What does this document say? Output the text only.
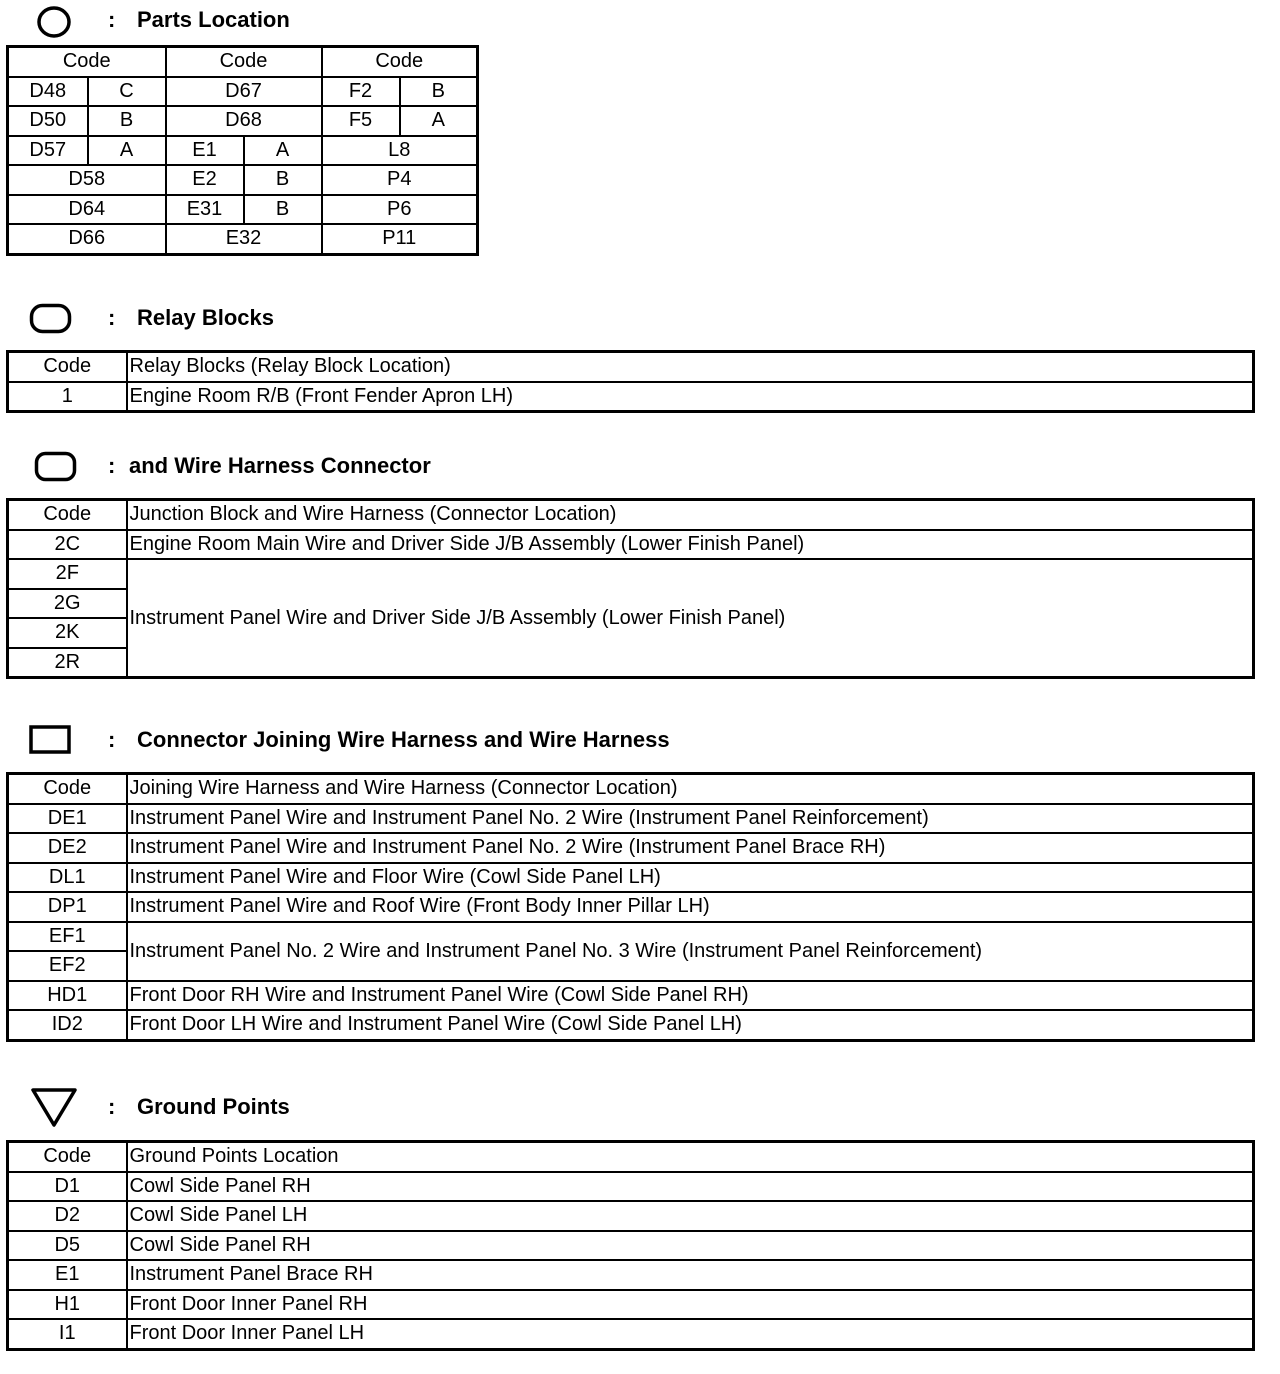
: Parts Location
Code		Code		Code	
D48	C	D67		F2	B
D50	B	D68		F5	A
D57	A	E1	A	L8	
D58		E2	B	P4	
D64		E31	B	P6	
D66		E32		P11	
: Relay Blocks
Code	Relay Blocks (Relay Block Location)
1	Engine Room R/B (Front Fender Apron LH)
: and Wire Harness Connector
Code	Junction Block and Wire Harness (Connector Location)
2C	Engine Room Main Wire and Driver Side J/B Assembly (Lower Finish Panel)
2F	Instrument Panel Wire and Driver Side J/B Assembly (Lower Finish Panel)
2G	
2K	
2R	
: Connector Joining Wire Harness and Wire Harness
Code	Joining Wire Harness and Wire Harness (Connector Location)
DE1	Instrument Panel Wire and Instrument Panel No. 2 Wire (Instrument Panel Reinforcement)
DE2	Instrument Panel Wire and Instrument Panel No. 2 Wire (Instrument Panel Brace RH)
DL1	Instrument Panel Wire and Floor Wire (Cowl Side Panel LH)
DP1	Instrument Panel Wire and Roof Wire (Front Body Inner Pillar LH)
EF1	Instrument Panel No. 2 Wire and Instrument Panel No. 3 Wire (Instrument Panel Reinforcement)
EF2	
HD1	Front Door RH Wire and Instrument Panel Wire (Cowl Side Panel RH)
ID2	Front Door LH Wire and Instrument Panel Wire (Cowl Side Panel LH)
: Ground Points
Code	Ground Points Location
D1	Cowl Side Panel RH
D2	Cowl Side Panel LH
D5	Cowl Side Panel RH
E1	Instrument Panel Brace RH
H1	Front Door Inner Panel RH
I1	Front Door Inner Panel LH
